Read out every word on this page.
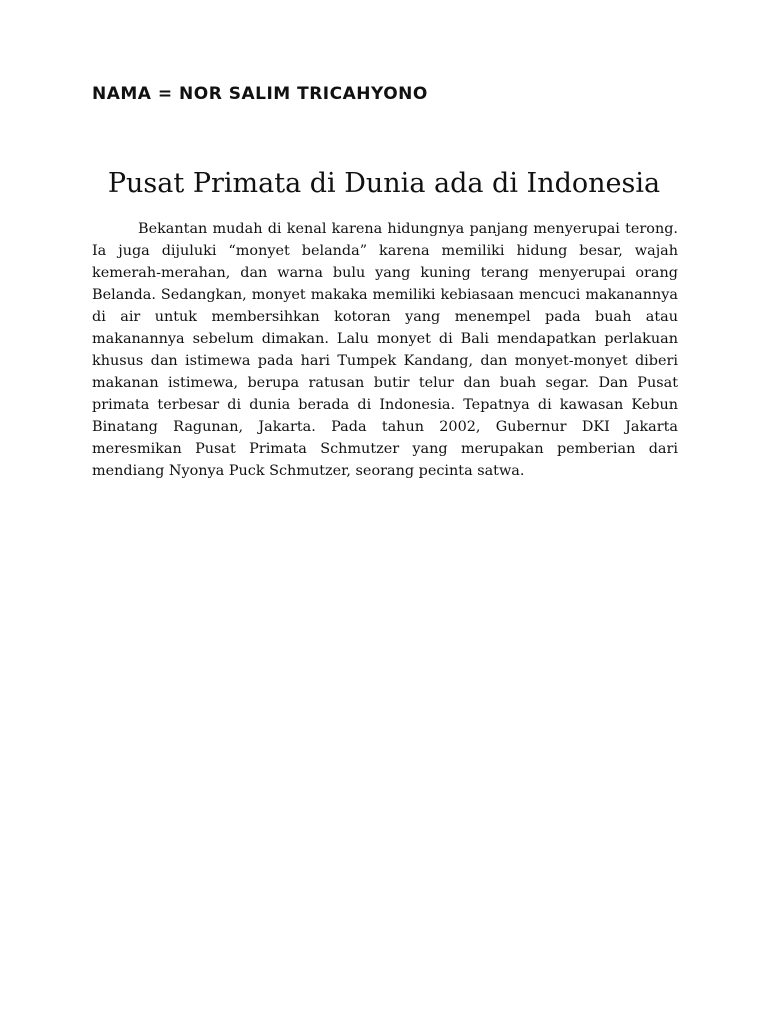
NAMA = NOR SALIM TRICAHYONO
Pusat Primata di Dunia ada di Indonesia

Bekantan mudah di kenal karena hidungnya panjang menyerupai terong. Ia juga dijuluki “monyet belanda” karena memiliki hidung besar, wajah kemerah-merahan, dan warna bulu yang kuning terang menyerupai orang Belanda. Sedangkan, monyet makaka memiliki kebiasaan mencuci makanannya di air untuk membersihkan kotoran yang menempel pada buah atau makanannya sebelum dimakan. Lalu monyet di Bali mendapatkan perlakuan khusus dan istimewa pada hari Tumpek Kandang, dan monyet-monyet diberi makanan istimewa, berupa ratusan butir telur dan buah segar. Dan Pusat primata terbesar di dunia berada di Indonesia. Tepatnya di kawasan Kebun Binatang Ragunan, Jakarta. Pada tahun 2002, Gubernur DKI Jakarta meresmikan Pusat Primata Schmutzer yang merupakan pemberian dari mendiang Nyonya Puck Schmutzer, seorang pecinta satwa.
